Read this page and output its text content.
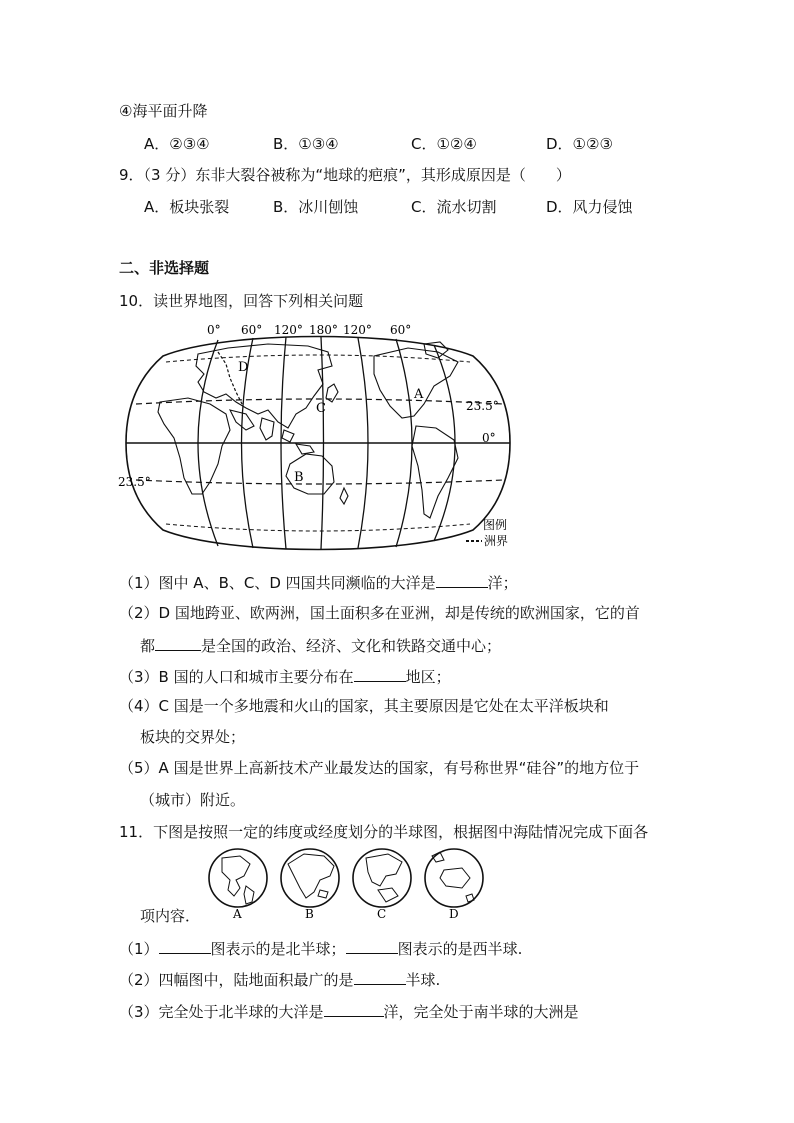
④海平面升降
A．②③④	B．①③④	C．①②④	D．①②③
9．（3 分）东非大裂谷被称为“地球的疤痕”，其形成原因是（　　）
A．板块张裂	B．冰川刨蚀	C．流水切割	D．风力侵蚀
二、非选择题
10．读世界地图，回答下列相关问题
0° 60° 120° 180° 120° 60°
D
C
A
B
23.5°
0°
23.5°
图例
洲界
（1）图中 A、B、C、D 四国共同濒临的大洋是	洋；
（2）D 国地跨亚、欧两洲，国土面积多在亚洲，却是传统的欧洲国家，它的首
都	是全国的政治、经济、文化和铁路交通中心；
（3）B 国的人口和城市主要分布在	地区；
（4）C 国是一个多地震和火山的国家，其主要原因是它处在太平洋板块和
板块的交界处；
（5）A 国是世界上高新技术产业最发达的国家，有号称世界“硅谷”的地方位于
（城市）附近。
11．下图是按照一定的纬度或经度划分的半球图，根据图中海陆情况完成下面各
A	B	C	D
项内容．
（1）	图表示的是北半球；	图表示的是西半球.
（2）四幅图中，陆地面积最广的是	半球.
（3）完全处于北半球的大洋是	洋，完全处于南半球的大洲是
